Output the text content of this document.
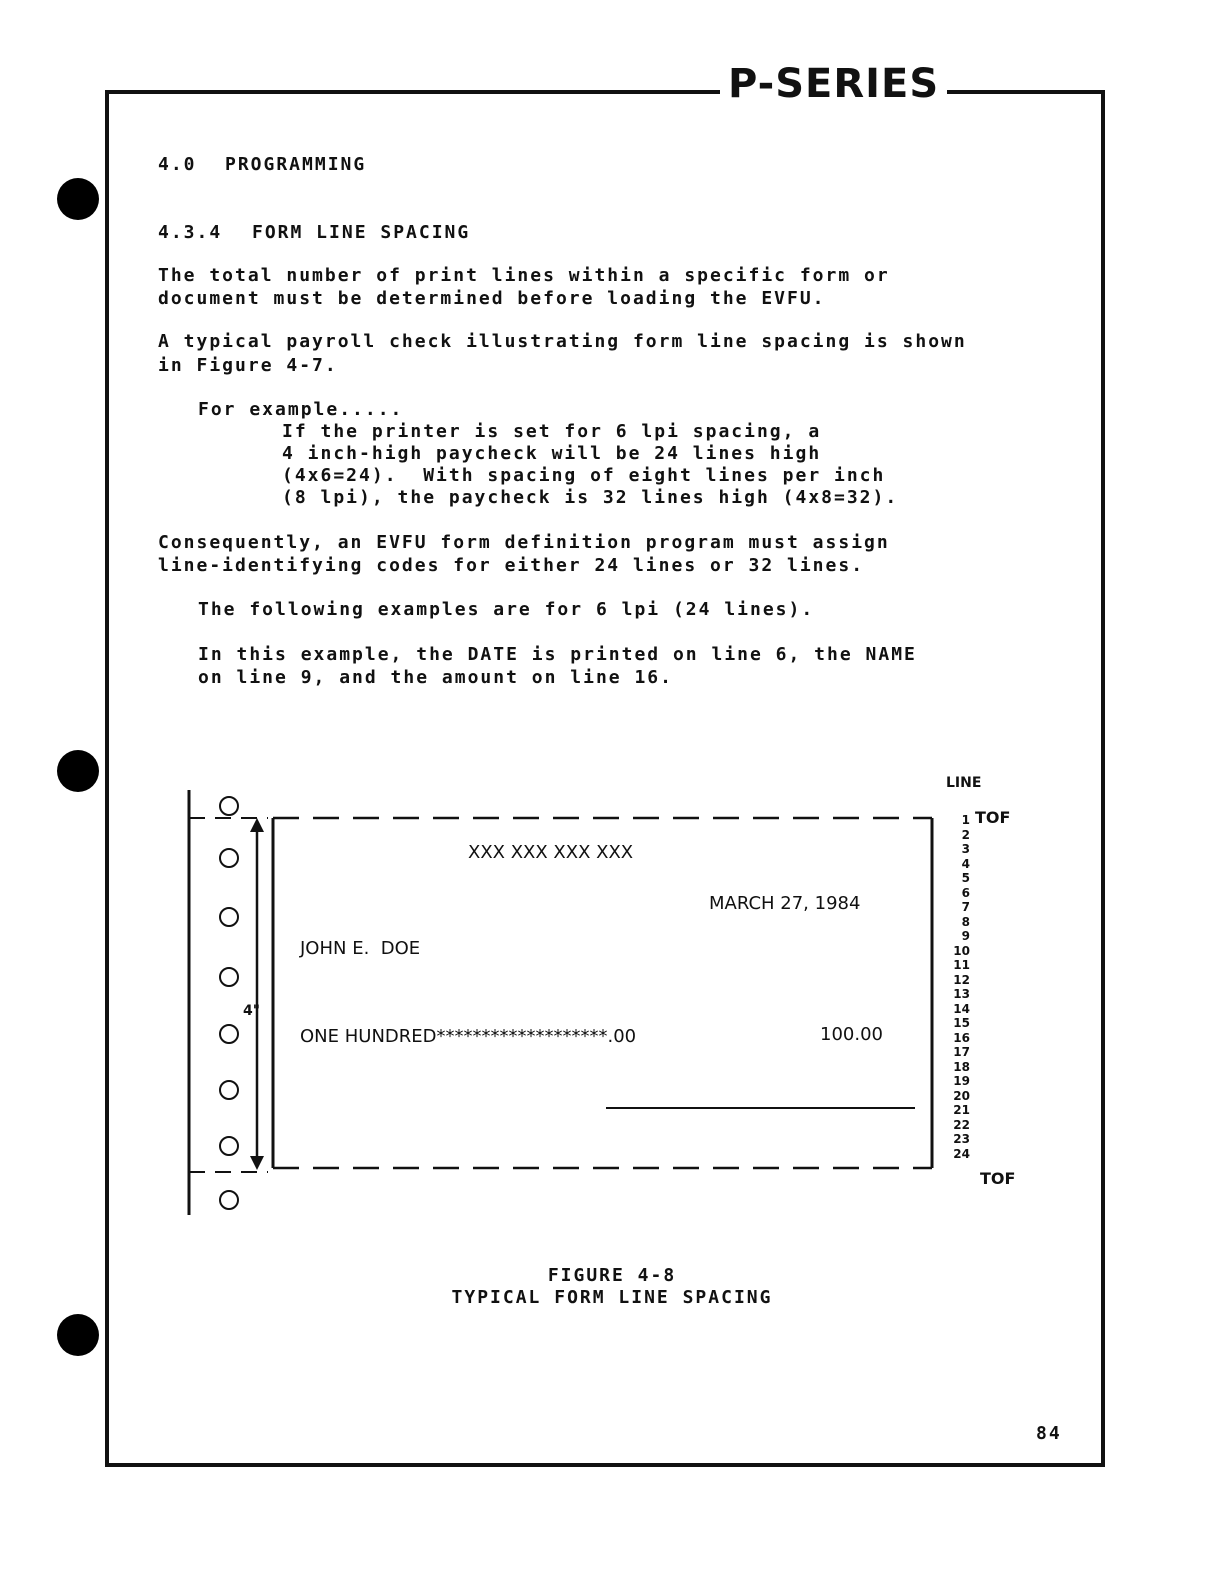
P-SERIES
4.0 PROGRAMMING
4.3.4 FORM LINE SPACING
The total number of print lines within a specific form or
document must be determined before loading the EVFU.
A typical payroll check illustrating form line spacing is shown
in Figure 4-7.
For example.....
If the printer is set for 6 lpi spacing, a
4 inch-high paycheck will be 24 lines high
(4x6=24).  With spacing of eight lines per inch
(8 lpi), the paycheck is 32 lines high (4x8=32).
Consequently, an EVFU form definition program must assign
line-identifying codes for either 24 lines or 32 lines.
The following examples are for 6 lpi (24 lines).
In this example, the DATE is printed on line 6, the NAME
on line 9, and the amount on line 16.
4"
XXX XXX XXX XXX
MARCH 27, 1984
JOHN E.  DOE
ONE HUNDRED*******************.00	100.00
LINE
1
2
3
4
5
6
7
8
9
10
11
12
13
14
15
16
17
18
19
20
21
22
23
24
TOF
TOF
FIGURE 4-8
TYPICAL FORM LINE SPACING
84
